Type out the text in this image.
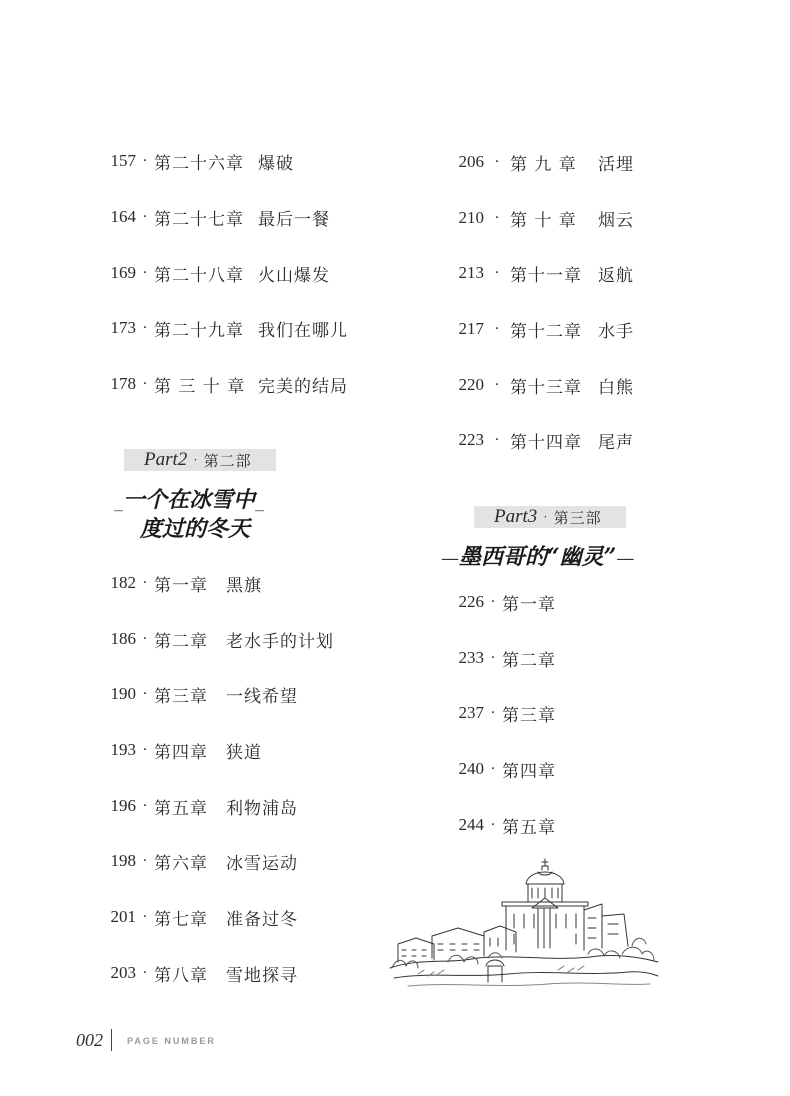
157 · 第二十六章 爆破
164 · 第二十七章 最后一餐
169 · 第二十八章 火山爆发
173 · 第二十九章 我们在哪儿
178 · 第 三 十 章 完美的结局
Part2 · 第二部
_一个在冰雪中_
度过的冬天
182 · 第一章	黑旗
186 · 第二章	老水手的计划
190 · 第三章	一线希望
193 · 第四章	狭道
196 · 第五章	利物浦岛
198 · 第六章	冰雪运动
201 · 第七章	准备过冬
203 · 第八章	雪地探寻
206 · 第 九 章	活埋
210 · 第 十 章	烟云
213 · 第十一章 返航
217 · 第十二章 水手
220 · 第十三章 白熊
223 · 第十四章 尾声
Part3 · 第三部
—墨西哥的“幽灵”—
226 · 第一章
233 · 第二章
237 · 第三章
240 · 第四章
244 · 第五章
002	PAGE NUMBER
